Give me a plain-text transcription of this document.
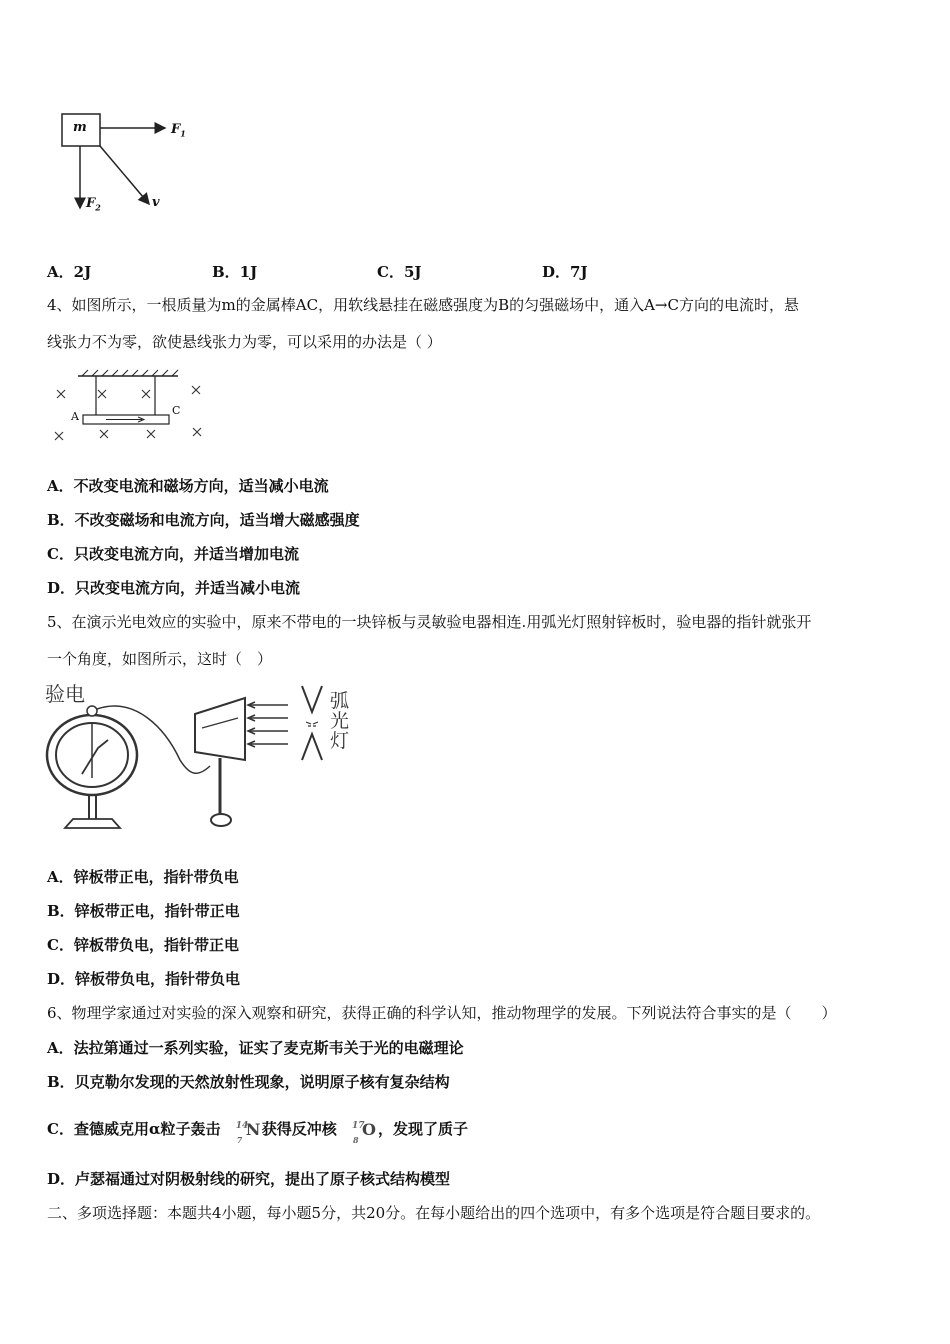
m	$F_1$
$F_2$	v
A．2J	B．1J	C．5J	D．7J
4、如图所示，一根质量为m的金属棒AC，用软线悬挂在磁感强度为B的匀强磁场中，通入A→C方向的电流时，悬
线张力不为零，欲使悬线张力为零，可以采用的办法是（ ）
A	C
A．不改变电流和磁场方向，适当减小电流
B．不改变磁场和电流方向，适当增大磁感强度
C．只改变电流方向，并适当增加电流
D．只改变电流方向，并适当减小电流
5、在演示光电效应的实验中，原来不带电的一块锌板与灵敏验电器相连.用弧光灯照射锌板时，验电器的指针就张开
一个角度，如图所示，这时（　）
验电	弧
光
灯
A．锌板带正电，指针带负电
B．锌板带正电，指针带正电
C．锌板带负电，指针带正电
D．锌板带负电，指针带负电
6、物理学家通过对实验的深入观察和研究，获得正确的科学认知，推动物理学的发展。下列说法符合事实的是（　　）
A．法拉第通过一系列实验，证实了麦克斯韦关于光的电磁理论
B．贝克勒尔发现的天然放射性现象，说明原子核有复杂结构
C．查德威克用α粒子轰击 14
7
N 获得反冲核 17
8
O ，发现了质子
D．卢瑟福通过对阴极射线的研究，提出了原子核式结构模型
二、多项选择题：本题共4小题，每小题5分，共20分。在每小题给出的四个选项中，有多个选项是符合题目要求的。
